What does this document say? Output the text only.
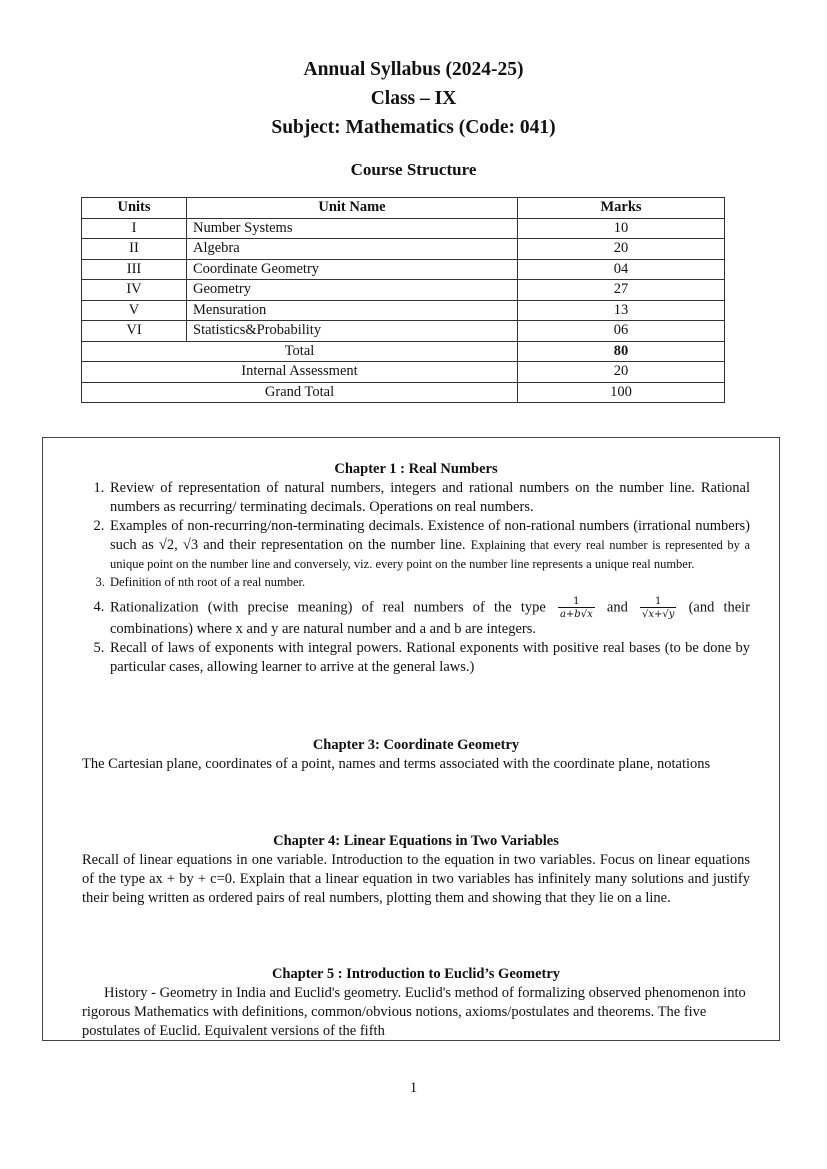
Annual Syllabus (2024-25)
Class – IX
Subject: Mathematics (Code: 041)
Course Structure
Units	Unit Name	Marks
I	Number Systems	10
II	Algebra	20
III	Coordinate Geometry	04
IV	Geometry	27
V	Mensuration	13
VI	Statistics&Probability	06
Total		80
Internal Assessment		20
Grand Total		100
Chapter 1 : Real Numbers
1. Review of representation of natural numbers, integers and rational numbers on the number line. Rational numbers as recurring/ terminating decimals. Operations on real numbers.
2. Examples of non-recurring/non-terminating decimals. Existence of non-rational numbers (irrational numbers) such as √2, √3 and their representation on the number line. Explaining that every real number is represented by a unique point on the number line and conversely, viz. every point on the number line represents a unique real number.
3. Definition of nth root of a real number.
4. Rationalization (with precise meaning) of real numbers of the type $\frac{1}{a+b√x}$ and $\frac{1}{√x+√y} (and$ their combinations) where x and y are natural number and a and b are integers.
5. Recall of laws of exponents with integral powers. Rational exponents with positive real bases (to be done by particular cases, allowing learner to arrive at the general laws.)
Chapter 3: Coordinate Geometry
The Cartesian plane, coordinates of a point, names and terms associated with the coordinate plane, notations
Chapter 4: Linear Equations in Two Variables
Recall of linear equations in one variable. Introduction to the equation in two variables. Focus on linear equations of the type ax + by + c=0. Explain that a linear equation in two variables has infinitely many solutions and justify their being written as ordered pairs of real numbers, plotting them and showing that they lie on a line.
Chapter 5 : Introduction to Euclid’s Geometry
History - Geometry in India and Euclid's geometry. Euclid's method of formalizing observed phenomenon into rigorous Mathematics with definitions, common/obvious notions, axioms/postulates and theorems. The five postulates of Euclid. Equivalent versions of the fifth
1
